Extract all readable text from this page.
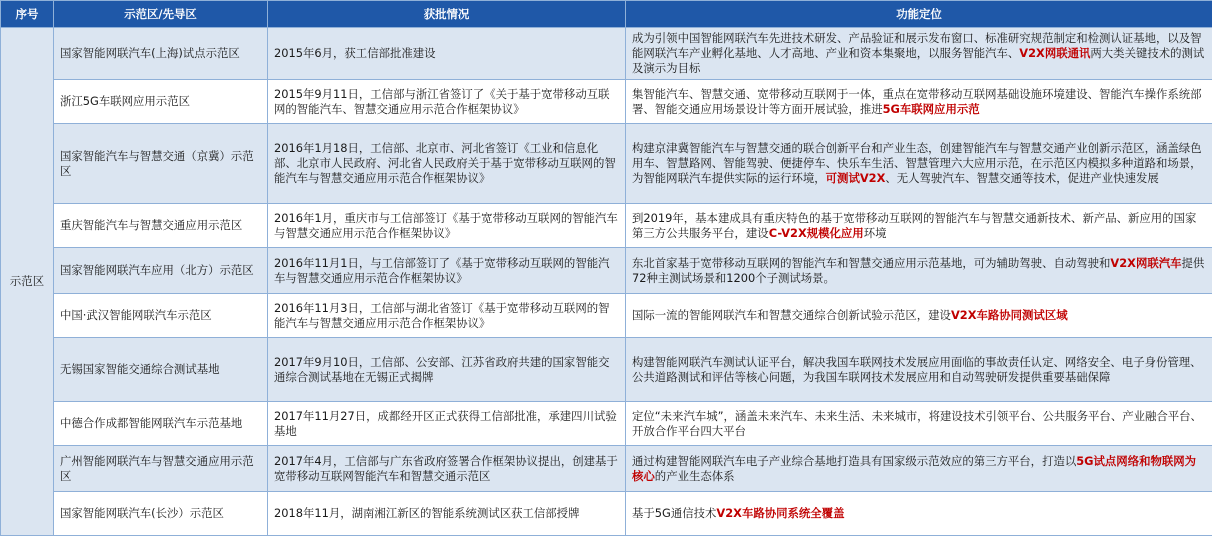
序号	示范区/先导区	获批情况	功能定位
示范区	国家智能网联汽车(上海)试点示范区	2015年6月，获工信部批准建设	成为引领中国智能网联汽车先进技术研发、产品验证和展示发布窗口、标准研究规范制定和检测认证基地，以及智能网联汽车产业孵化基地、人才高地、产业和资本集聚地，以服务智能汽车、V2X网联通讯两大类关键技术的测试及演示为目标
	浙江5G车联网应用示范区	2015年9月11日，工信部与浙江省签订了《关于基于宽带移动互联网的智能汽车、智慧交通应用示范合作框架协议》	集智能汽车、智慧交通、宽带移动互联网于一体，重点在宽带移动互联网基础设施环境建设、智能汽车操作系统部署、智能交通应用场景设计等方面开展试验，推进5G车联网应用示范
	国家智能汽车与智慧交通（京冀）示范区	2016年1月18日，工信部、北京市、河北省签订《工业和信息化部、北京市人民政府、河北省人民政府关于基于宽带移动互联网的智能汽车与智慧交通应用示范合作框架协议》	构建京津冀智能汽车与智慧交通的联合创新平台和产业生态，创建智能汽车与智慧交通产业创新示范区，涵盖绿色用车、智慧路网、智能驾驶、便捷停车、快乐车生活、智慧管理六大应用示范，在示范区内模拟多种道路和场景，为智能网联汽车提供实际的运行环境，可测试V2X、无人驾驶汽车、智慧交通等技术，促进产业快速发展
	重庆智能汽车与智慧交通应用示范区	2016年1月，重庆市与工信部签订《基于宽带移动互联网的智能汽车与智慧交通应用示范合作框架协议》	到2019年，基本建成具有重庆特色的基于宽带移动互联网的智能汽车与智慧交通新技术、新产品、新应用的国家第三方公共服务平台，建设C-V2X规模化应用环境
	国家智能网联汽车应用（北方）示范区	2016年11月1日，与工信部签订了《基于宽带移动互联网的智能汽车与智慧交通应用示范合作框架协议》	东北首家基于宽带移动互联网的智能汽车和智慧交通应用示范基地，可为辅助驾驶、自动驾驶和V2X网联汽车提供72种主测试场景和1200个子测试场景。
	中国·武汉智能网联汽车示范区	2016年11月3日，工信部与湖北省签订《基于宽带移动互联网的智能汽车与智慧交通应用示范合作框架协议》	国际一流的智能网联汽车和智慧交通综合创新试验示范区，建设V2X车路协同测试区域
	无锡国家智能交通综合测试基地	2017年9月10日，工信部、公安部、江苏省政府共建的国家智能交通综合测试基地在无锡正式揭牌	构建智能网联汽车测试认证平台，解决我国车联网技术发展应用面临的事故责任认定、网络安全、电子身份管理、公共道路测试和评估等核心问题，为我国车联网技术发展应用和自动驾驶研发提供重要基础保障
	中德合作成都智能网联汽车示范基地	2017年11月27日，成都经开区正式获得工信部批准，承建四川试验基地	定位“未来汽车城”，涵盖未来汽车、未来生活、未来城市，将建设技术引领平台、公共服务平台、产业融合平台、开放合作平台四大平台
	广州智能网联汽车与智慧交通应用示范区	2017年4月，工信部与广东省政府签署合作框架协议提出，创建基于宽带移动互联网智能汽车和智慧交通示范区	通过构建智能网联汽车电子产业综合基地打造具有国家级示范效应的第三方平台，打造以5G试点网络和物联网为核心的产业生态体系
	国家智能网联汽车(长沙）示范区	2018年11月，湖南湘江新区的智能系统测试区获工信部授牌	基于5G通信技术V2X车路协同系统全覆盖
